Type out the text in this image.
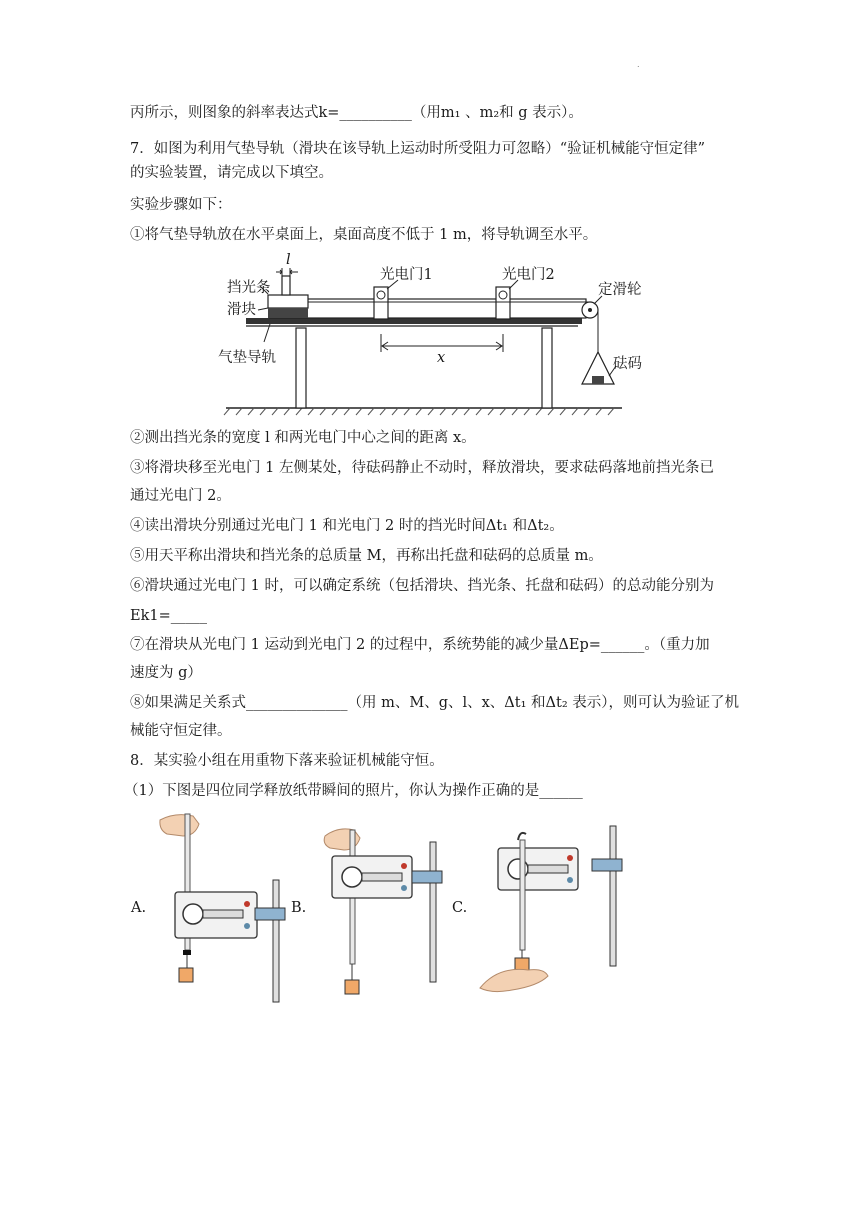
.
丙所示，则图象的斜率表达式k=__________（用m₁ 、m₂和 g 表示）。
7．如图为利用气垫导轨（滑块在该导轨上运动时所受阻力可忽略）“验证机械能守恒定律”
的实验装置，请完成以下填空。
实验步骤如下：
①将气垫导轨放在水平桌面上，桌面高度不低于 1 m，将导轨调至水平。
l
挡光条
滑块
气垫导轨
光电门1	光电门2
定滑轮
砝码
x
②测出挡光条的宽度 l 和两光电门中心之间的距离 x。
③将滑块移至光电门 1 左侧某处，待砝码静止不动时，释放滑块，要求砝码落地前挡光条已
通过光电门 2。
④读出滑块分别通过光电门 1 和光电门 2 时的挡光时间Δt₁ 和Δt₂。
⑤用天平称出滑块和挡光条的总质量 M，再称出托盘和砝码的总质量 m。
⑥滑块通过光电门 1 时，可以确定系统（包括滑块、挡光条、托盘和砝码）的总动能分别为
Ek1=_____
⑦在滑块从光电门 1 运动到光电门 2 的过程中，系统势能的减少量ΔEp=______。（重力加
速度为 g）
⑧如果满足关系式______________（用 m、M、g、l、x、Δt₁ 和Δt₂ 表示），则可认为验证了机
械能守恒定律。
8．某实验小组在用重物下落来验证机械能守恒。
（1）下图是四位同学释放纸带瞬间的照片，你认为操作正确的是______
A.	B.	C.
